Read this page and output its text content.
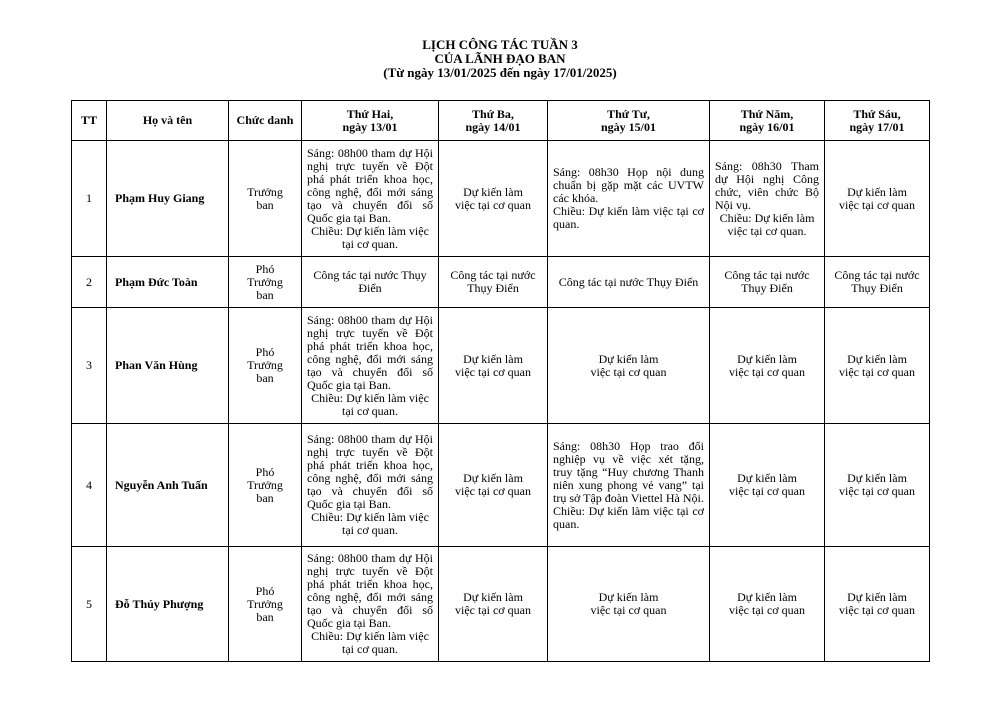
LỊCH CÔNG TÁC TUẦN 3
CỦA LÃNH ĐẠO BAN
(Từ ngày 13/01/2025 đến ngày 17/01/2025)
TT	Họ và tên	Chức danh	Thứ Hai,
ngày 13/01	Thứ Ba,
ngày 14/01	Thứ Tư,
ngày 15/01	Thứ Năm,
ngày 16/01	Thứ Sáu,
ngày 17/01

1	Phạm Huy Giang	Trưởng
ban	Sáng: 08h00 tham dự Hội nghị trực tuyến về Đột phá phát triển khoa học, công nghệ, đổi mới sáng tạo và chuyển đổi số Quốc gia tại Ban.
Chiều: Dự kiến làm việc tại cơ quan.	Dự kiến làm
việc tại cơ quan	Sáng: 08h30 Họp nội dung chuẩn bị gặp mặt các UVTW các khóa.
Chiều: Dự kiến làm việc tại cơ quan.	Sáng: 08h30 Tham dự Hội nghị Công chức, viên chức Bộ Nội vụ.
Chiều: Dự kiến làm việc tại cơ quan.	Dự kiến làm
việc tại cơ quan

2	Phạm Đức Toàn	Phó
Trưởng
ban	Công tác tại nước Thụy Điển	Công tác tại nước
Thụy Điển	Công tác tại nước Thụy Điển	Công tác tại nước
Thụy Điển	Công tác tại nước
Thụy Điển

3	Phan Văn Hùng	Phó
Trưởng
ban	Sáng: 08h00 tham dự Hội nghị trực tuyến về Đột phá phát triển khoa học, công nghệ, đổi mới sáng tạo và chuyển đổi số Quốc gia tại Ban.
Chiều: Dự kiến làm việc tại cơ quan.	Dự kiến làm
việc tại cơ quan	Dự kiến làm
việc tại cơ quan	Dự kiến làm
việc tại cơ quan	Dự kiến làm
việc tại cơ quan

4	Nguyễn Anh Tuấn	Phó
Trưởng
ban	Sáng: 08h00 tham dự Hội nghị trực tuyến về Đột phá phát triển khoa học, công nghệ, đổi mới sáng tạo và chuyển đổi số Quốc gia tại Ban.
Chiều: Dự kiến làm việc tại cơ quan.	Dự kiến làm
việc tại cơ quan	Sáng: 08h30 Họp trao đổi nghiệp vụ về việc xét tặng, truy tặng “Huy chương Thanh niên xung phong vẻ vang” tại trụ sở Tập đoàn Viettel Hà Nội.
Chiều: Dự kiến làm việc tại cơ quan.	Dự kiến làm
việc tại cơ quan	Dự kiến làm
việc tại cơ quan

5	Đỗ Thúy Phượng	Phó
Trưởng
ban	Sáng: 08h00 tham dự Hội nghị trực tuyến về Đột phá phát triển khoa học, công nghệ, đổi mới sáng tạo và chuyển đổi số Quốc gia tại Ban.
Chiều: Dự kiến làm việc tại cơ quan.	Dự kiến làm
việc tại cơ quan	Dự kiến làm
việc tại cơ quan	Dự kiến làm
việc tại cơ quan	Dự kiến làm
việc tại cơ quan
